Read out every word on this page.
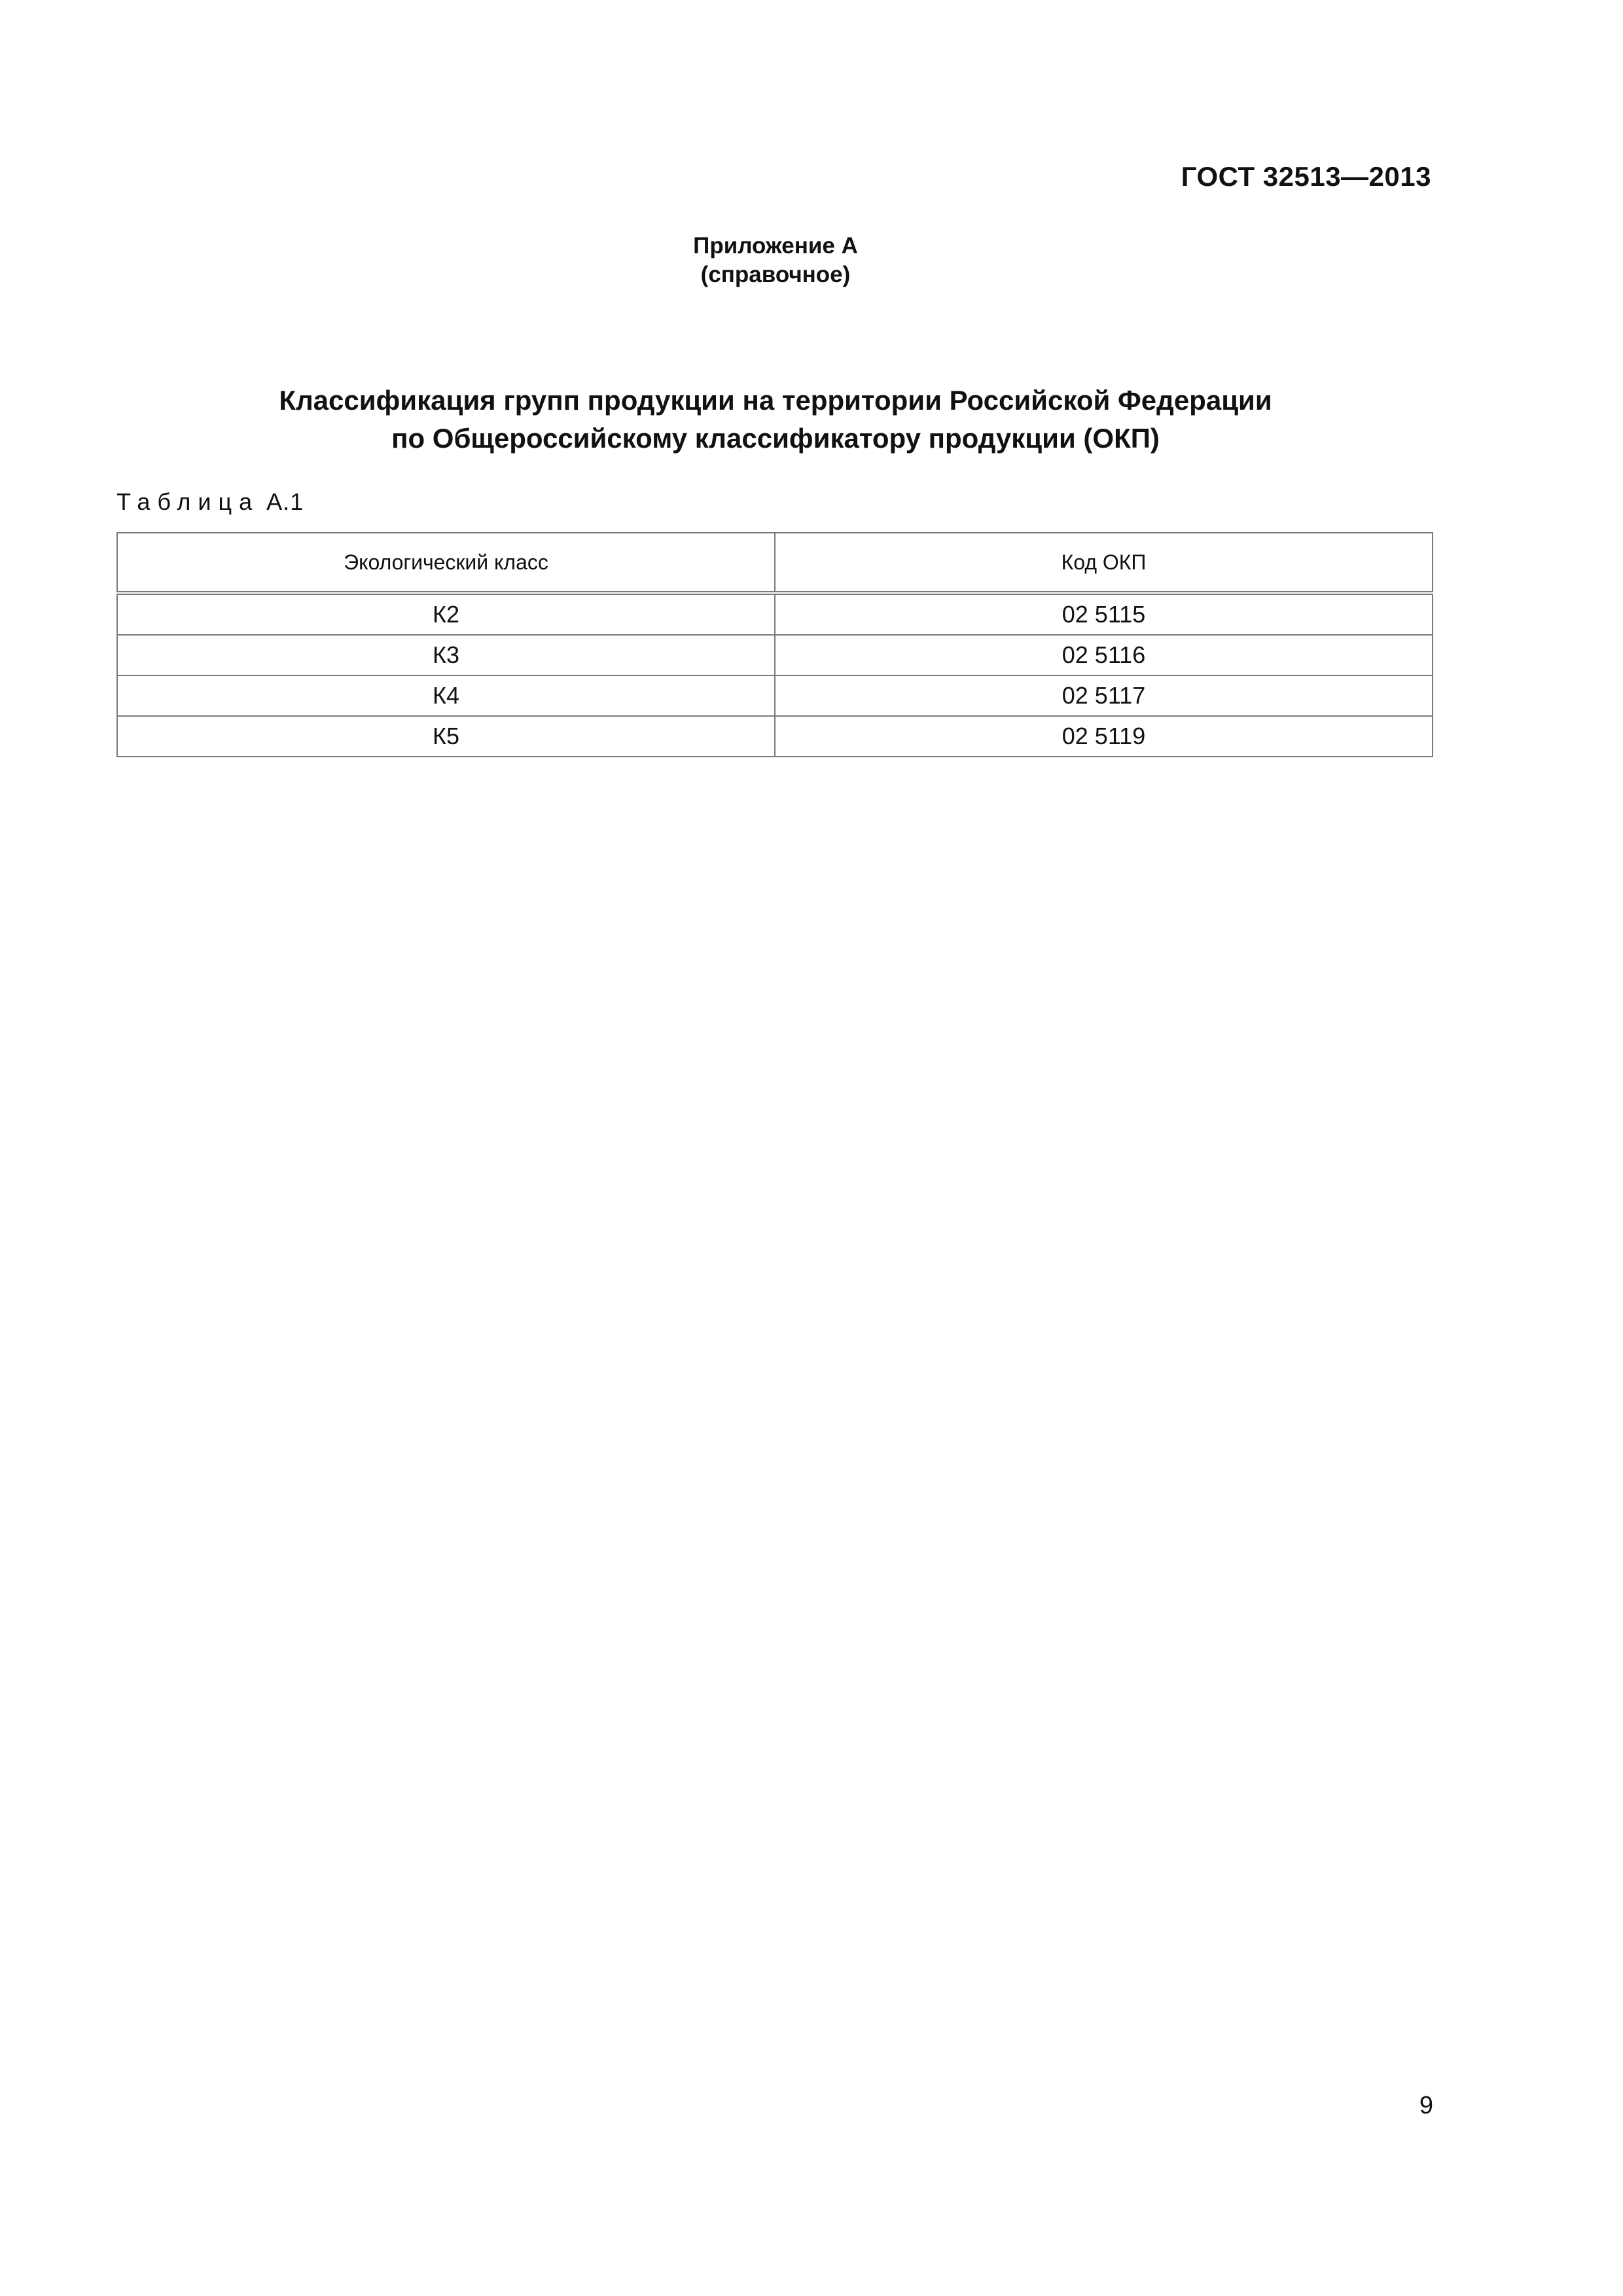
ГОСТ 32513—2013
Приложение А
(справочное)
Классификация групп продукции на территории Российской Федерации
по Общероссийскому классификатору продукции (ОКП)
Таблица А.1
Экологический класс	Код ОКП
К2	02 5115
К3	02 5116
К4	02 5117
К5	02 5119
9
